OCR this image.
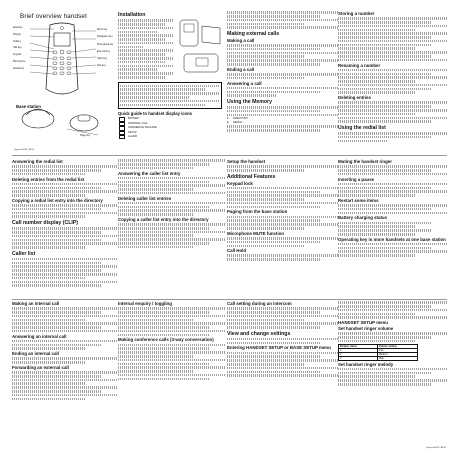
Brief overview handset
Earpiece
Display
Softkey
Talk key
Keypad
Microphone
Recall key
Menu key
Navigation key
Phonebook key
End call key
Hash key
Star key
Base station
Gigaset A120 / A220
Page key
Installation
Quick guide to handset display icons
BATTERY
INTERNAL CALL
ANSWERING MACHINE
SETUP
ALARM
Making external calls
Making a call
Ending a call
Answering a call
Using the Memory
1	DIRECTORY
2	REDIAL
Storing a number
Renaming a number
Deleting entries
Using the redial list
Answering the redial list
Deleting entries from the redial list
Copying a redial list entry into the directory
Call number display (CLIP)
Caller list
Answering the caller list entry
Deleting caller list entries
Copying a caller list entry into the directory
Setup the handset
Additional Features
Keypad lock
Paging from the base station
Microphone MUTE function
Call Hold
Muting the handset ringer
Inserting a pause
Restart some items
Battery charging status
Operating key in more handsets at one base station
Making an internal call
Answering an internal call
Ending an internal call
Forwarding an external call
Internal enquiry / toggling
Making conference calls (3-way conversation)
Call setting during an intercom
View and change settings
Entering HANDSET SETUP or BASE SETUP menu
HANDSET SETUP menu
Set handset ringer volume
Display status	Volume setting
1	Low
2	Medium
3	High
Set handset ringer melody
Gigaset A120 / A220
